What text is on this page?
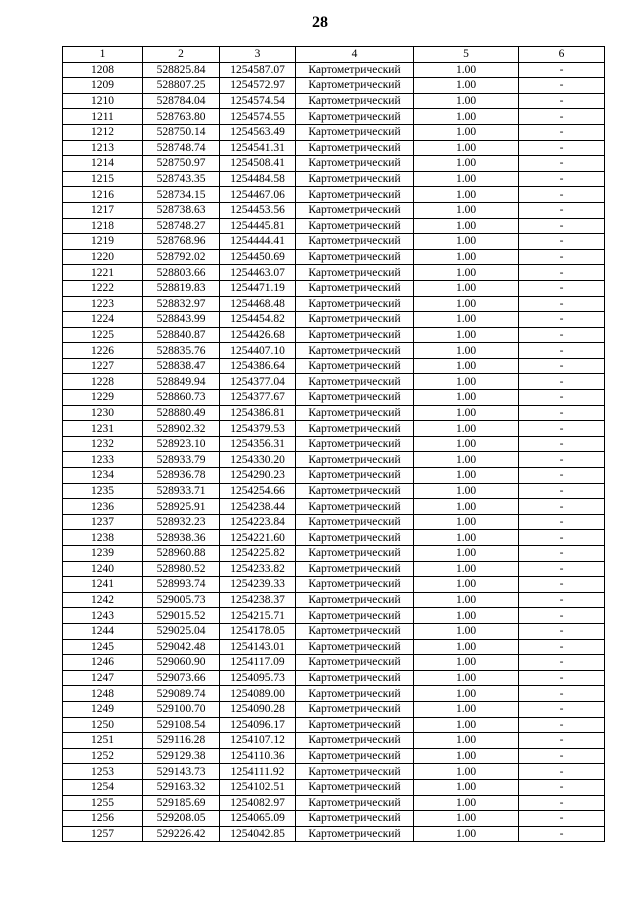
28
1	2	3	4	5	6
1208	528825.84	1254587.07	Картометрический	1.00	-
1209	528807.25	1254572.97	Картометрический	1.00	-
1210	528784.04	1254574.54	Картометрический	1.00	-
1211	528763.80	1254574.55	Картометрический	1.00	-
1212	528750.14	1254563.49	Картометрический	1.00	-
1213	528748.74	1254541.31	Картометрический	1.00	-
1214	528750.97	1254508.41	Картометрический	1.00	-
1215	528743.35	1254484.58	Картометрический	1.00	-
1216	528734.15	1254467.06	Картометрический	1.00	-
1217	528738.63	1254453.56	Картометрический	1.00	-
1218	528748.27	1254445.81	Картометрический	1.00	-
1219	528768.96	1254444.41	Картометрический	1.00	-
1220	528792.02	1254450.69	Картометрический	1.00	-
1221	528803.66	1254463.07	Картометрический	1.00	-
1222	528819.83	1254471.19	Картометрический	1.00	-
1223	528832.97	1254468.48	Картометрический	1.00	-
1224	528843.99	1254454.82	Картометрический	1.00	-
1225	528840.87	1254426.68	Картометрический	1.00	-
1226	528835.76	1254407.10	Картометрический	1.00	-
1227	528838.47	1254386.64	Картометрический	1.00	-
1228	528849.94	1254377.04	Картометрический	1.00	-
1229	528860.73	1254377.67	Картометрический	1.00	-
1230	528880.49	1254386.81	Картометрический	1.00	-
1231	528902.32	1254379.53	Картометрический	1.00	-
1232	528923.10	1254356.31	Картометрический	1.00	-
1233	528933.79	1254330.20	Картометрический	1.00	-
1234	528936.78	1254290.23	Картометрический	1.00	-
1235	528933.71	1254254.66	Картометрический	1.00	-
1236	528925.91	1254238.44	Картометрический	1.00	-
1237	528932.23	1254223.84	Картометрический	1.00	-
1238	528938.36	1254221.60	Картометрический	1.00	-
1239	528960.88	1254225.82	Картометрический	1.00	-
1240	528980.52	1254233.82	Картометрический	1.00	-
1241	528993.74	1254239.33	Картометрический	1.00	-
1242	529005.73	1254238.37	Картометрический	1.00	-
1243	529015.52	1254215.71	Картометрический	1.00	-
1244	529025.04	1254178.05	Картометрический	1.00	-
1245	529042.48	1254143.01	Картометрический	1.00	-
1246	529060.90	1254117.09	Картометрический	1.00	-
1247	529073.66	1254095.73	Картометрический	1.00	-
1248	529089.74	1254089.00	Картометрический	1.00	-
1249	529100.70	1254090.28	Картометрический	1.00	-
1250	529108.54	1254096.17	Картометрический	1.00	-
1251	529116.28	1254107.12	Картометрический	1.00	-
1252	529129.38	1254110.36	Картометрический	1.00	-
1253	529143.73	1254111.92	Картометрический	1.00	-
1254	529163.32	1254102.51	Картометрический	1.00	-
1255	529185.69	1254082.97	Картометрический	1.00	-
1256	529208.05	1254065.09	Картометрический	1.00	-
1257	529226.42	1254042.85	Картометрический	1.00	-
